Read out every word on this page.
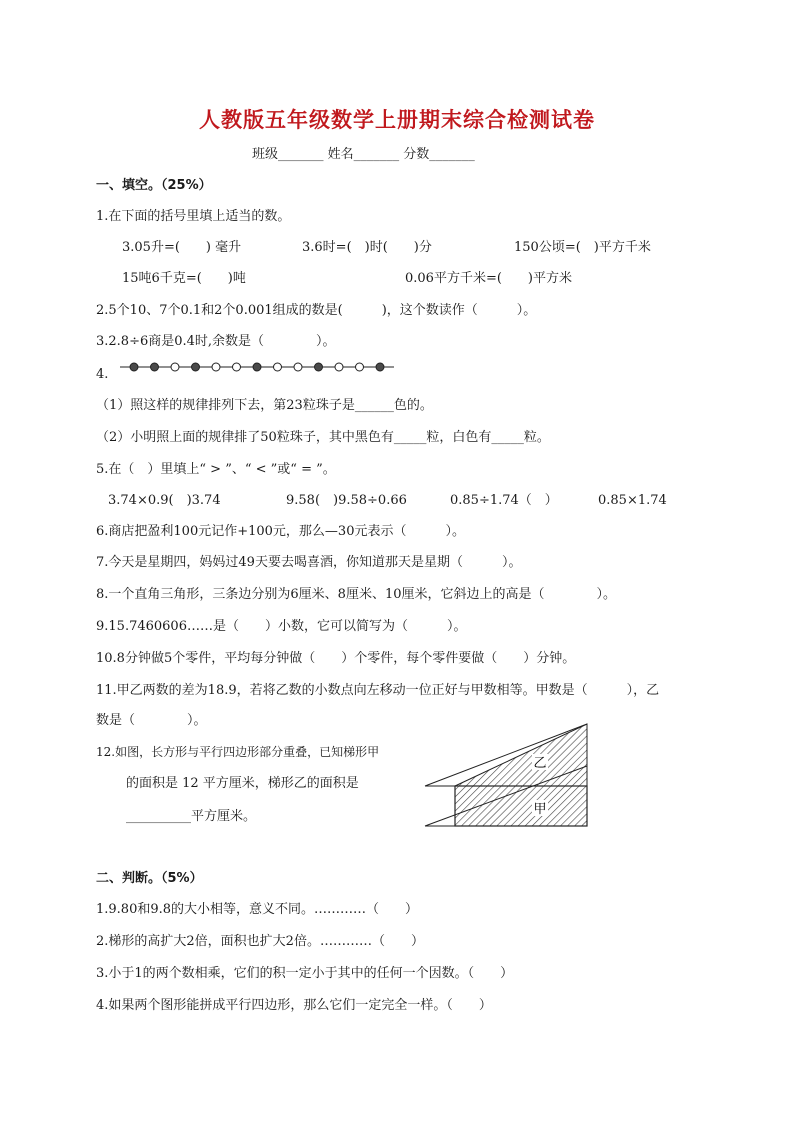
人教版五年级数学上册期末综合检测试卷
班级_______ 姓名_______ 分数_______
一、填空。（25%）
1.在下面的括号里填上适当的数。
3.05升=(　　) 毫升	3.6时=(　)时(　　)分	150公顷=(　)平方千米
15吨6千克=(　　)吨	0.06平方千米=(　　)平方米
2.5个10、7个0.1和2个0.001组成的数是(　　　)，这个数读作（　　　）。
3.2.8÷6商是0.4时,余数是（　　　　）。
4.
（1）照这样的规律排列下去，第23粒珠子是______色的。
（2）小明照上面的规律排了50粒珠子，其中黑色有_____粒，白色有_____粒。
5.在（　）里填上“ > ”、“ < ”或“ = ”。
3.74×0.9(　)3.74	9.58(　)9.58÷0.66	0.85÷1.74（　）	0.85×1.74
6.商店把盈利100元记作+100元，那么—30元表示（　　　）。
7.今天是星期四，妈妈过49天要去喝喜酒，你知道那天是星期（　　　）。
8.一个直角三角形，三条边分别为6厘米、8厘米、10厘米，它斜边上的高是（　　　　）。
9.15.7460606……是（　　）小数，它可以简写为（　　　）。
10.8分钟做5个零件，平均每分钟做（　　）个零件，每个零件要做（　　）分钟。
11.甲乙两数的差为18.9，若将乙数的小数点向左移动一位正好与甲数相等。甲数是（　　　），乙
数是（　　　　）。
12.如图，长方形与平行四边形部分重叠，已知梯形甲
的面积是 12 平方厘米，梯形乙的面积是
__________平方厘米。
乙
甲
二、判断。（5%）
1.9.80和9.8的大小相等，意义不同。…………（　　）
2.梯形的高扩大2倍，面积也扩大2倍。…………（　　）
3.小于1的两个数相乘，它们的积一定小于其中的任何一个因数。（　　）
4.如果两个图形能拼成平行四边形，那么它们一定完全一样。（　　）
